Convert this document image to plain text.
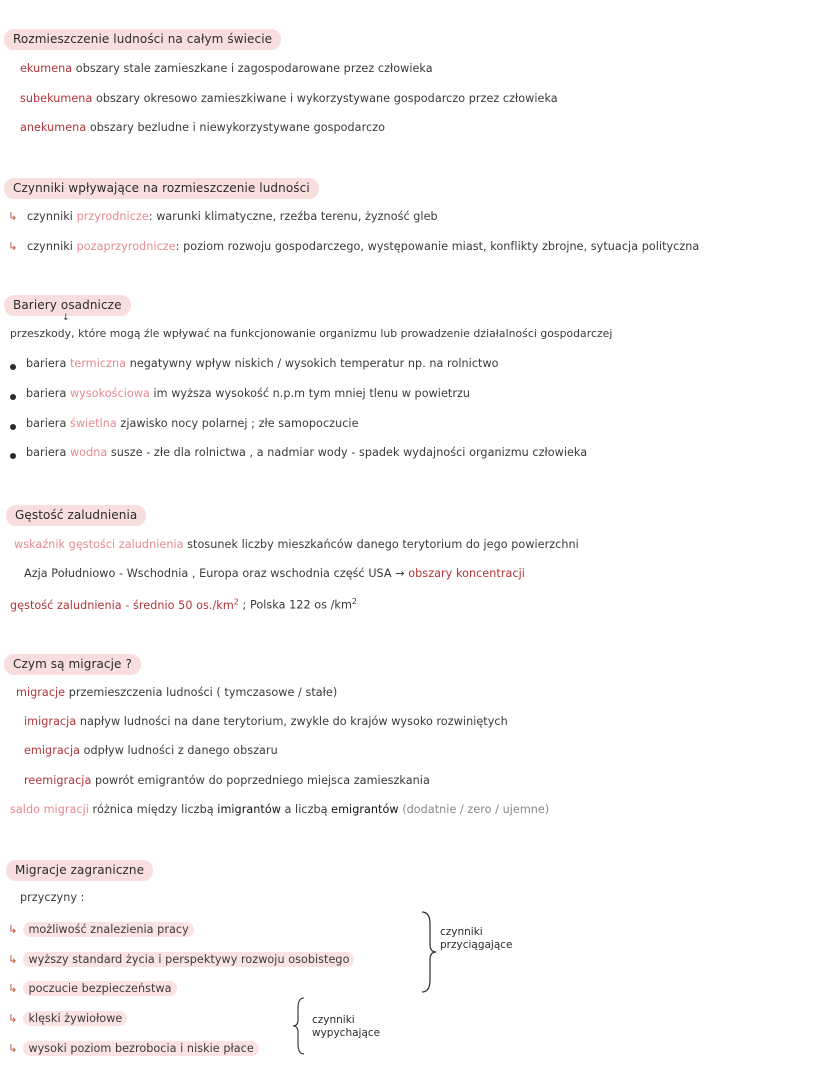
Rozmieszczenie ludności na całym świecie
ekumena obszary stale zamieszkane i zagospodarowane przez człowieka
subekumena obszary okresowo zamieszkiwane i wykorzystywane gospodarczo przez człowieka
anekumena obszary bezludne i niewykorzystywane gospodarczo
Czynniki wpływające na rozmieszczenie ludności
↳ czynniki przyrodnicze: warunki klimatyczne, rzeźba terenu, żyzność gleb
↳ czynniki pozaprzyrodnicze: poziom rozwoju gospodarczego, występowanie miast, konflikty zbrojne, sytuacja polityczna
Bariery osadnicze
↓
przeszkody, które mogą źle wpływać na funkcjonowanie organizmu lub prowadzenie działalności gospodarczej
bariera termiczna negatywny wpływ niskich / wysokich temperatur np. na rolnictwo
bariera wysokościowa im wyższa wysokość n.p.m tym mniej tlenu w powietrzu
bariera świetlna zjawisko nocy polarnej ; złe samopoczucie
bariera wodna susze - złe dla rolnictwa , a nadmiar wody - spadek wydajności organizmu człowieka
Gęstość zaludnienia
wskaźnik gęstości zaludnienia stosunek liczby mieszkańców danego terytorium do jego powierzchni
Azja Południowo - Wschodnia , Europa oraz wschodnia część USA → obszary koncentracji
gęstość zaludnienia - średnio 50 $os./km^2$ ; Polska 122 os $/km^2$
Czym są migracje ?
migracje przemieszczenia ludności ( tymczasowe / stałe)
imigracja napływ ludności na dane terytorium, zwykle do krajów wysoko rozwiniętych
emigracja odpływ ludności z danego obszaru
reemigracja powrót emigrantów do poprzedniego miejsca zamieszkania
saldo migracji różnica między liczbą imigrantów a liczbą emigrantów (dodatnie / zero / ujemne)
Migracje zagraniczne
przyczyny :
↳ możliwość znalezienia pracy
↳ wyższy standard życia i perspektywy rozwoju osobistego
↳ poczucie bezpieczeństwa
↳ klęski żywiołowe
↳ wysoki poziom bezrobocia i niskie płace
czynniki
przyciągające
czynniki
wypychające
